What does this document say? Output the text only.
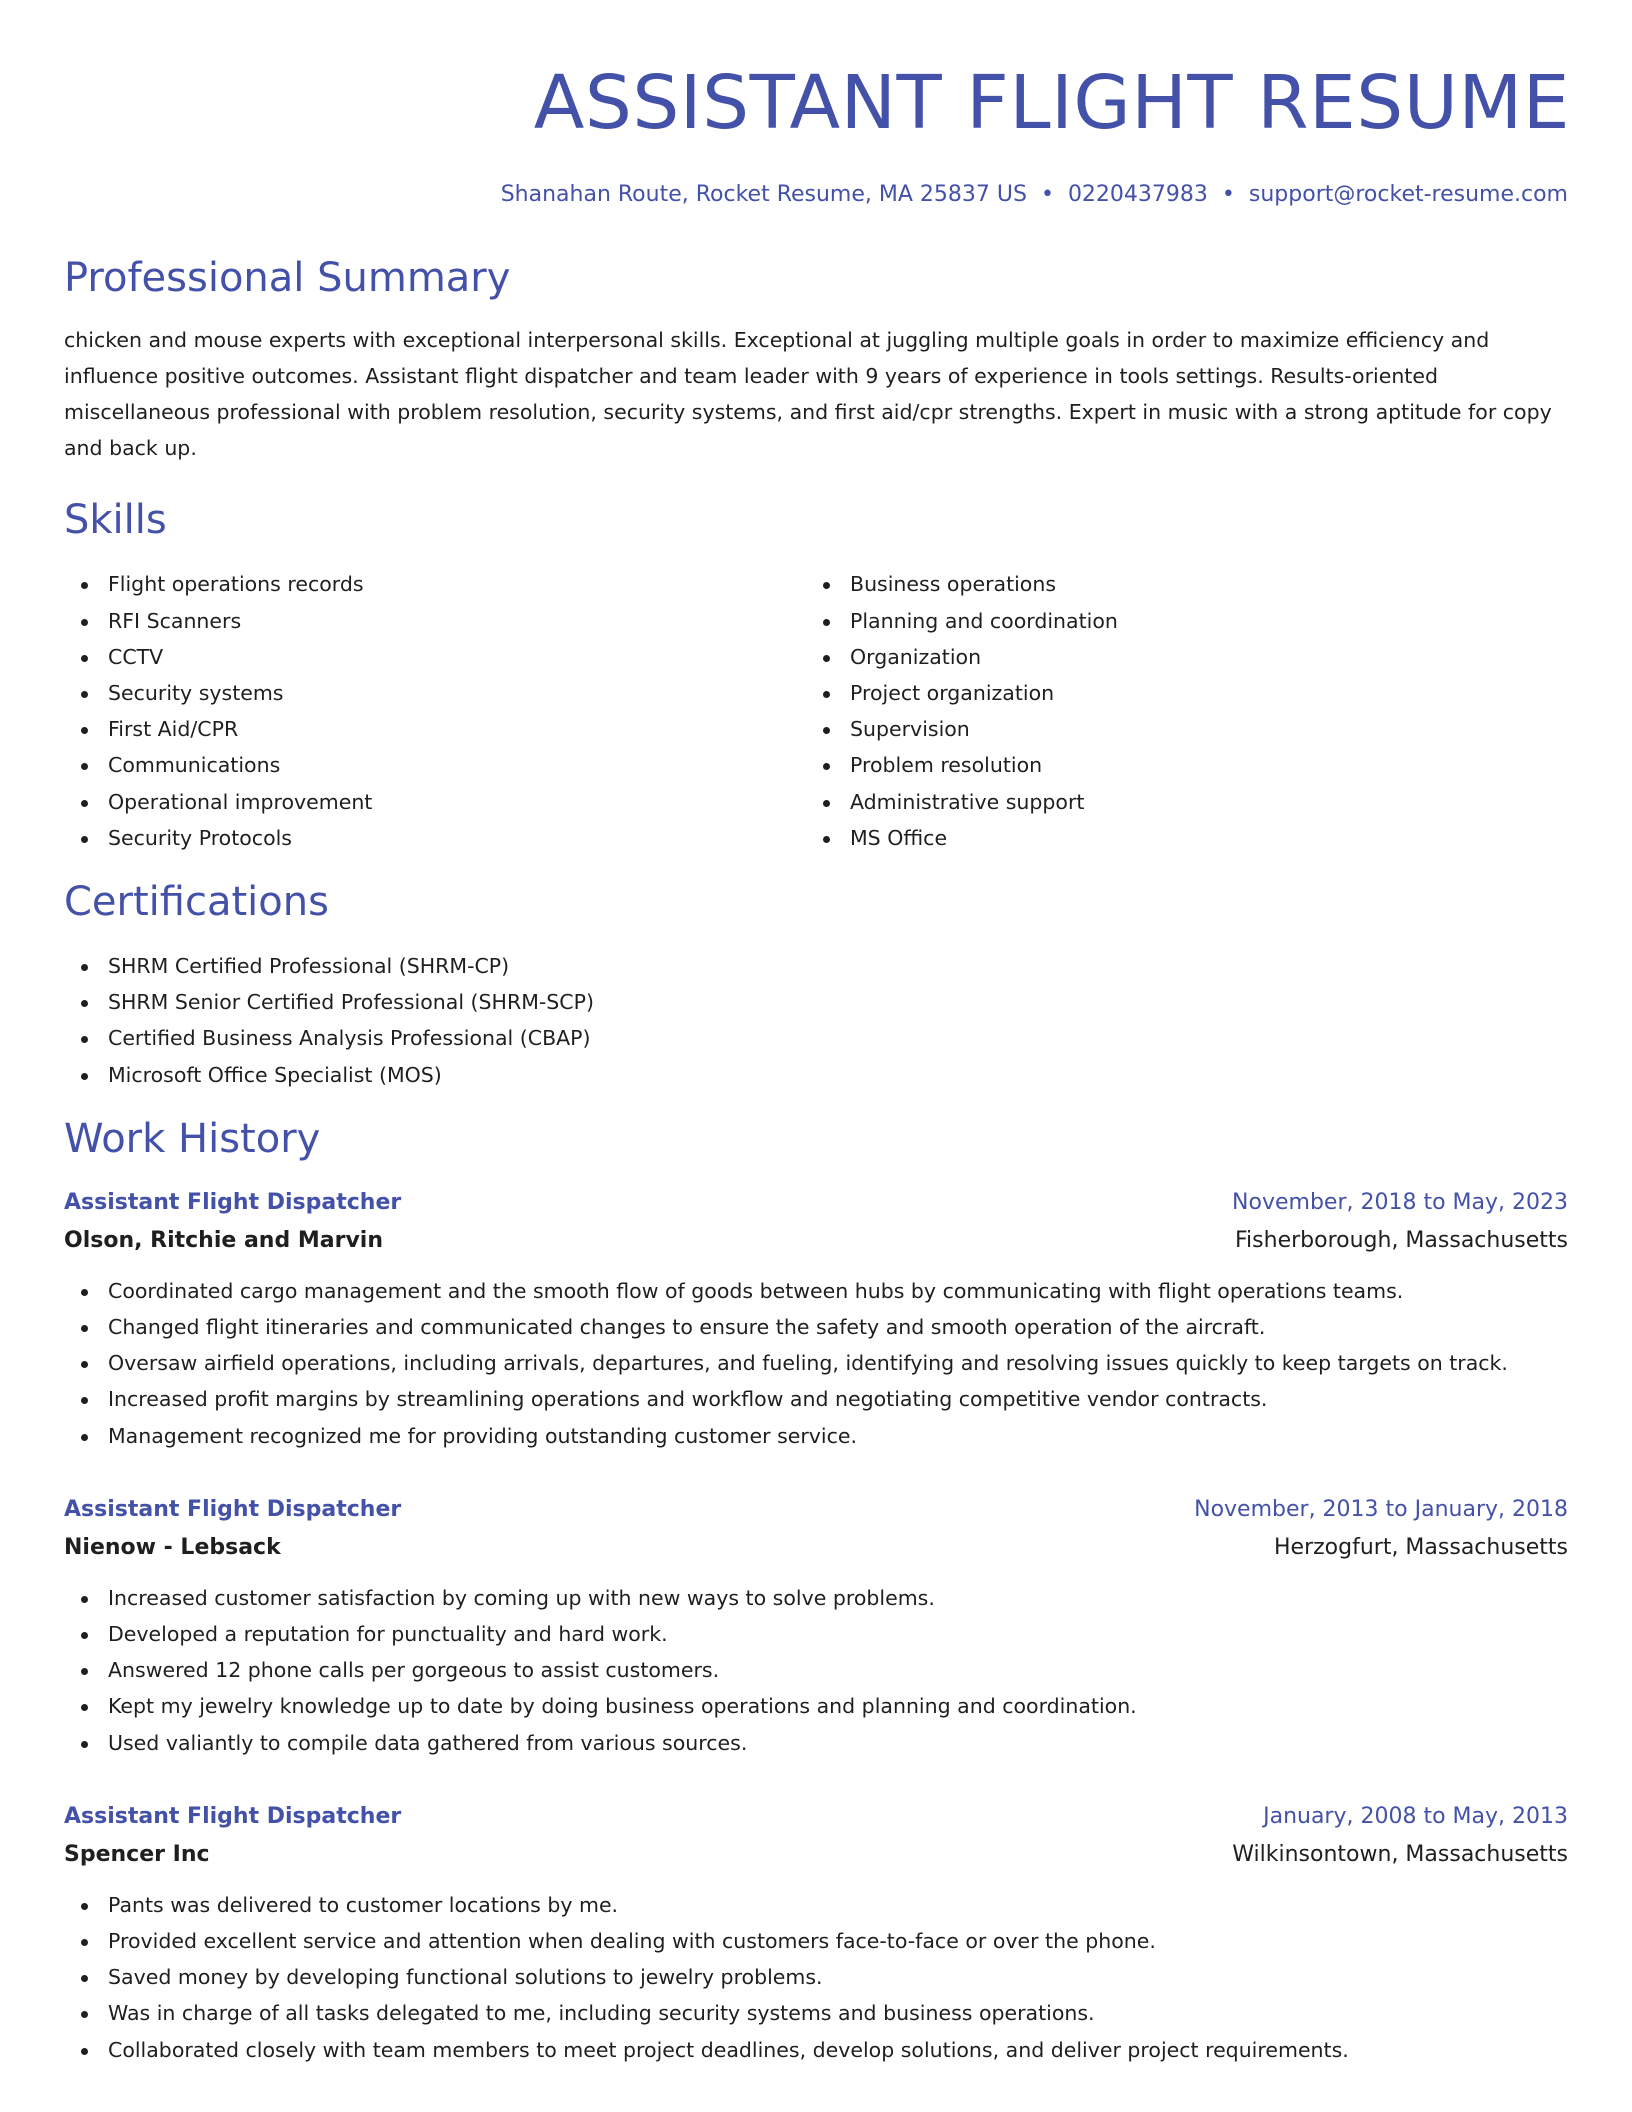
ASSISTANT FLIGHT RESUME
Shanahan Route, Rocket Resume, MA 25837 US • 0220437983 • support@rocket-resume.com
Professional Summary

chicken and mouse experts with exceptional interpersonal skills. Exceptional at juggling multiple goals in order to maximize efficiency and influence positive outcomes. Assistant flight dispatcher and team leader with 9 years of experience in tools settings. Results-oriented miscellaneous professional with problem resolution, security systems, and first aid/cpr strengths. Expert in music with a strong aptitude for copy and back up.

Skills
Flight operations records
RFI Scanners
CCTV
Security systems
First Aid/CPR
Communications
Operational improvement
Security Protocols
Business operations
Planning and coordination
Organization
Project organization
Supervision
Problem resolution
Administrative support
MS Office
Certifications
SHRM Certified Professional (SHRM-CP)
SHRM Senior Certified Professional (SHRM-SCP)
Certified Business Analysis Professional (CBAP)
Microsoft Office Specialist (MOS)
Work History
Assistant Flight Dispatcher	November, 2018 to May, 2023
Olson, Ritchie and Marvin	Fisherborough, Massachusetts
Coordinated cargo management and the smooth flow of goods between hubs by communicating with flight operations teams.
Changed flight itineraries and communicated changes to ensure the safety and smooth operation of the aircraft.
Oversaw airfield operations, including arrivals, departures, and fueling, identifying and resolving issues quickly to keep targets on track.
Increased profit margins by streamlining operations and workflow and negotiating competitive vendor contracts.
Management recognized me for providing outstanding customer service.
Assistant Flight Dispatcher	November, 2013 to January, 2018
Nienow - Lebsack	Herzogfurt, Massachusetts
Increased customer satisfaction by coming up with new ways to solve problems.
Developed a reputation for punctuality and hard work.
Answered 12 phone calls per gorgeous to assist customers.
Kept my jewelry knowledge up to date by doing business operations and planning and coordination.
Used valiantly to compile data gathered from various sources.
Assistant Flight Dispatcher	January, 2008 to May, 2013
Spencer Inc	Wilkinsontown, Massachusetts
Pants was delivered to customer locations by me.
Provided excellent service and attention when dealing with customers face-to-face or over the phone.
Saved money by developing functional solutions to jewelry problems.
Was in charge of all tasks delegated to me, including security systems and business operations.
Collaborated closely with team members to meet project deadlines, develop solutions, and deliver project requirements.
